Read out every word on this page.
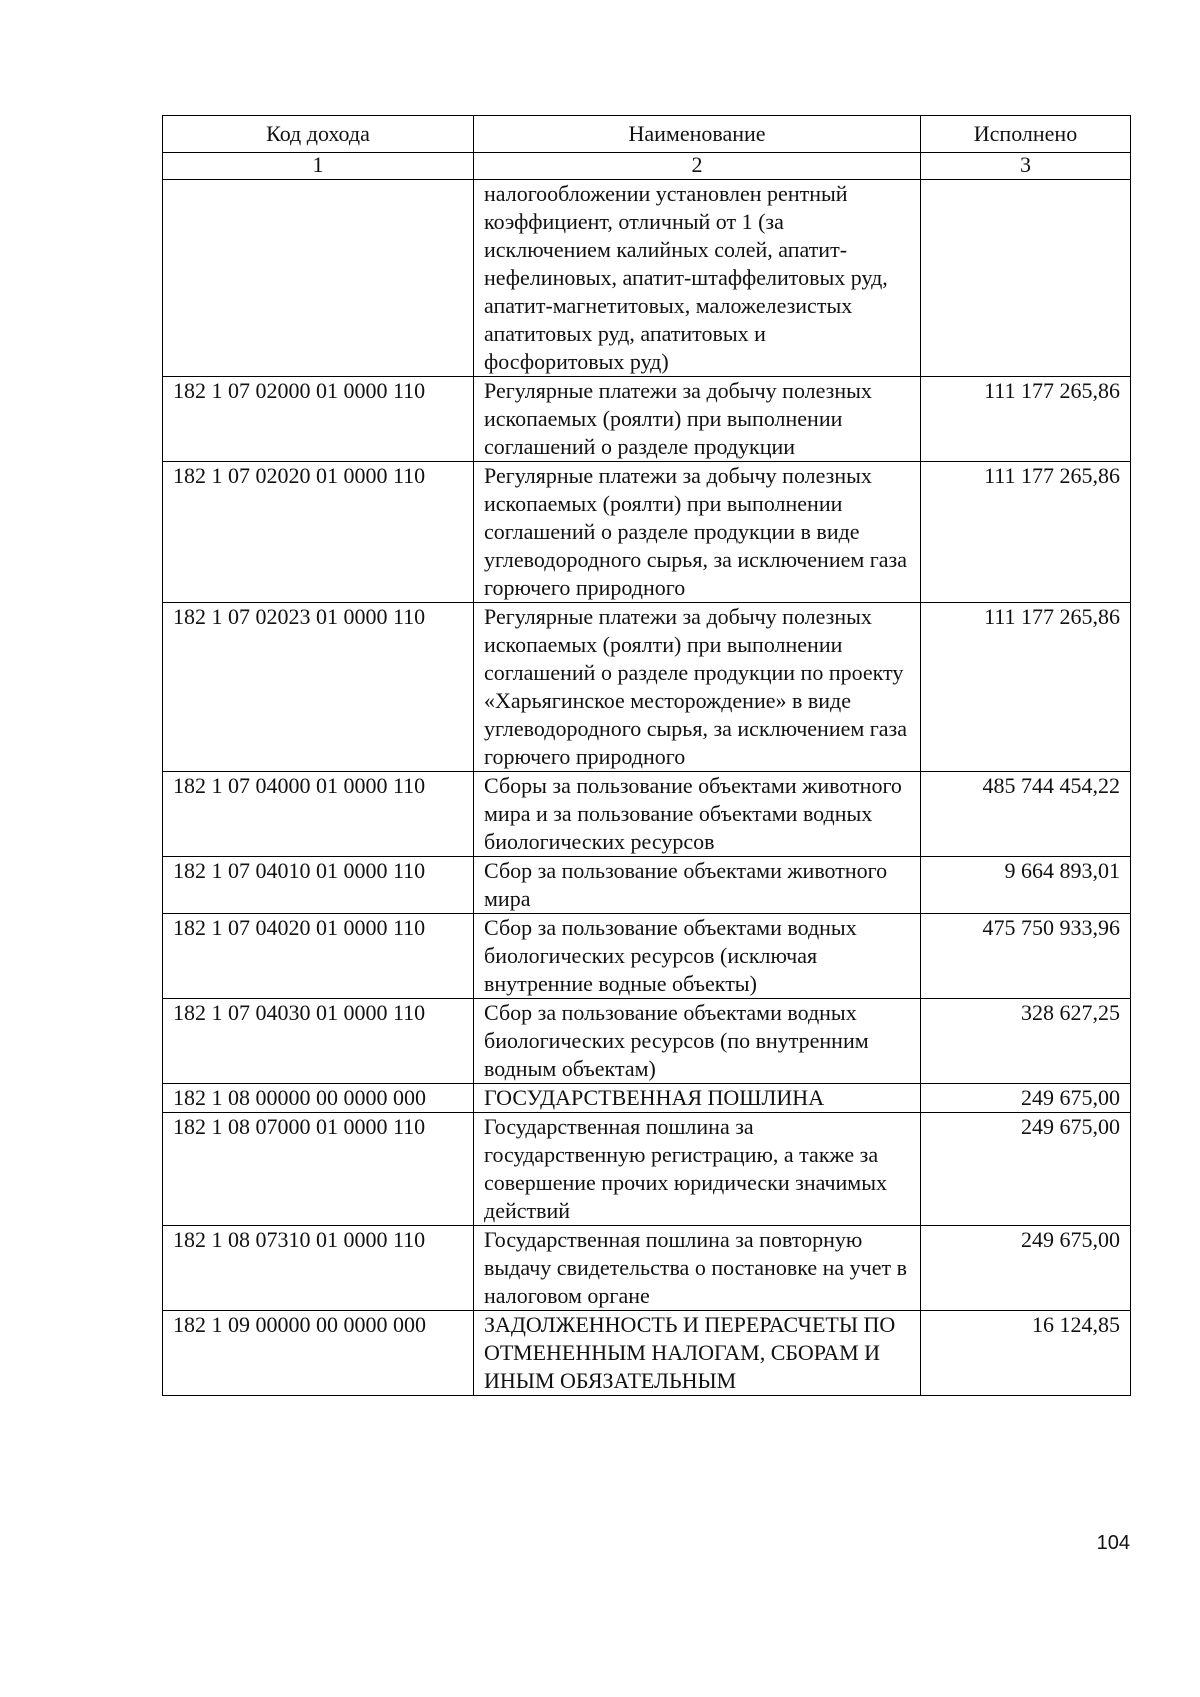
Код дохода	Наименование	Исполнено
1	2	3
	налогообложении установлен рентный коэффициент, отличный от 1 (за исключением калийных солей, апатит-нефелиновых, апатит-штаффелитовых руд, апатит-магнетитовых, маложелезистых апатитовых руд, апатитовых и фосфоритовых руд)	
182 1 07 02000 01 0000 110	Регулярные платежи за добычу полезных ископаемых (роялти) при выполнении соглашений о разделе продукции	111 177 265,86
182 1 07 02020 01 0000 110	Регулярные платежи за добычу полезных ископаемых (роялти) при выполнении соглашений о разделе продукции в виде углеводородного сырья, за исключением газа горючего природного	111 177 265,86
182 1 07 02023 01 0000 110	Регулярные платежи за добычу полезных ископаемых (роялти) при выполнении соглашений о разделе продукции по проекту «Харьягинское месторождение» в виде углеводородного сырья, за исключением газа горючего природного	111 177 265,86
182 1 07 04000 01 0000 110	Сборы за пользование объектами животного мира и за пользование объектами водных биологических ресурсов	485 744 454,22
182 1 07 04010 01 0000 110	Сбор за пользование объектами животного мира	9 664 893,01
182 1 07 04020 01 0000 110	Сбор за пользование объектами водных биологических ресурсов (исключая внутренние водные объекты)	475 750 933,96
182 1 07 04030 01 0000 110	Сбор за пользование объектами водных биологических ресурсов (по внутренним водным объектам)	328 627,25
182 1 08 00000 00 0000 000	ГОСУДАРСТВЕННАЯ ПОШЛИНА	249 675,00
182 1 08 07000 01 0000 110	Государственная пошлина за государственную регистрацию, а также за совершение прочих юридически значимых действий	249 675,00
182 1 08 07310 01 0000 110	Государственная пошлина за повторную выдачу свидетельства о постановке на учет в налоговом органе	249 675,00
182 1 09 00000 00 0000 000	ЗАДОЛЖЕННОСТЬ И ПЕРЕРАСЧЕТЫ ПО ОТМЕНЕННЫМ НАЛОГАМ, СБОРАМ И ИНЫМ ОБЯЗАТЕЛЬНЫМ	16 124,85
104
